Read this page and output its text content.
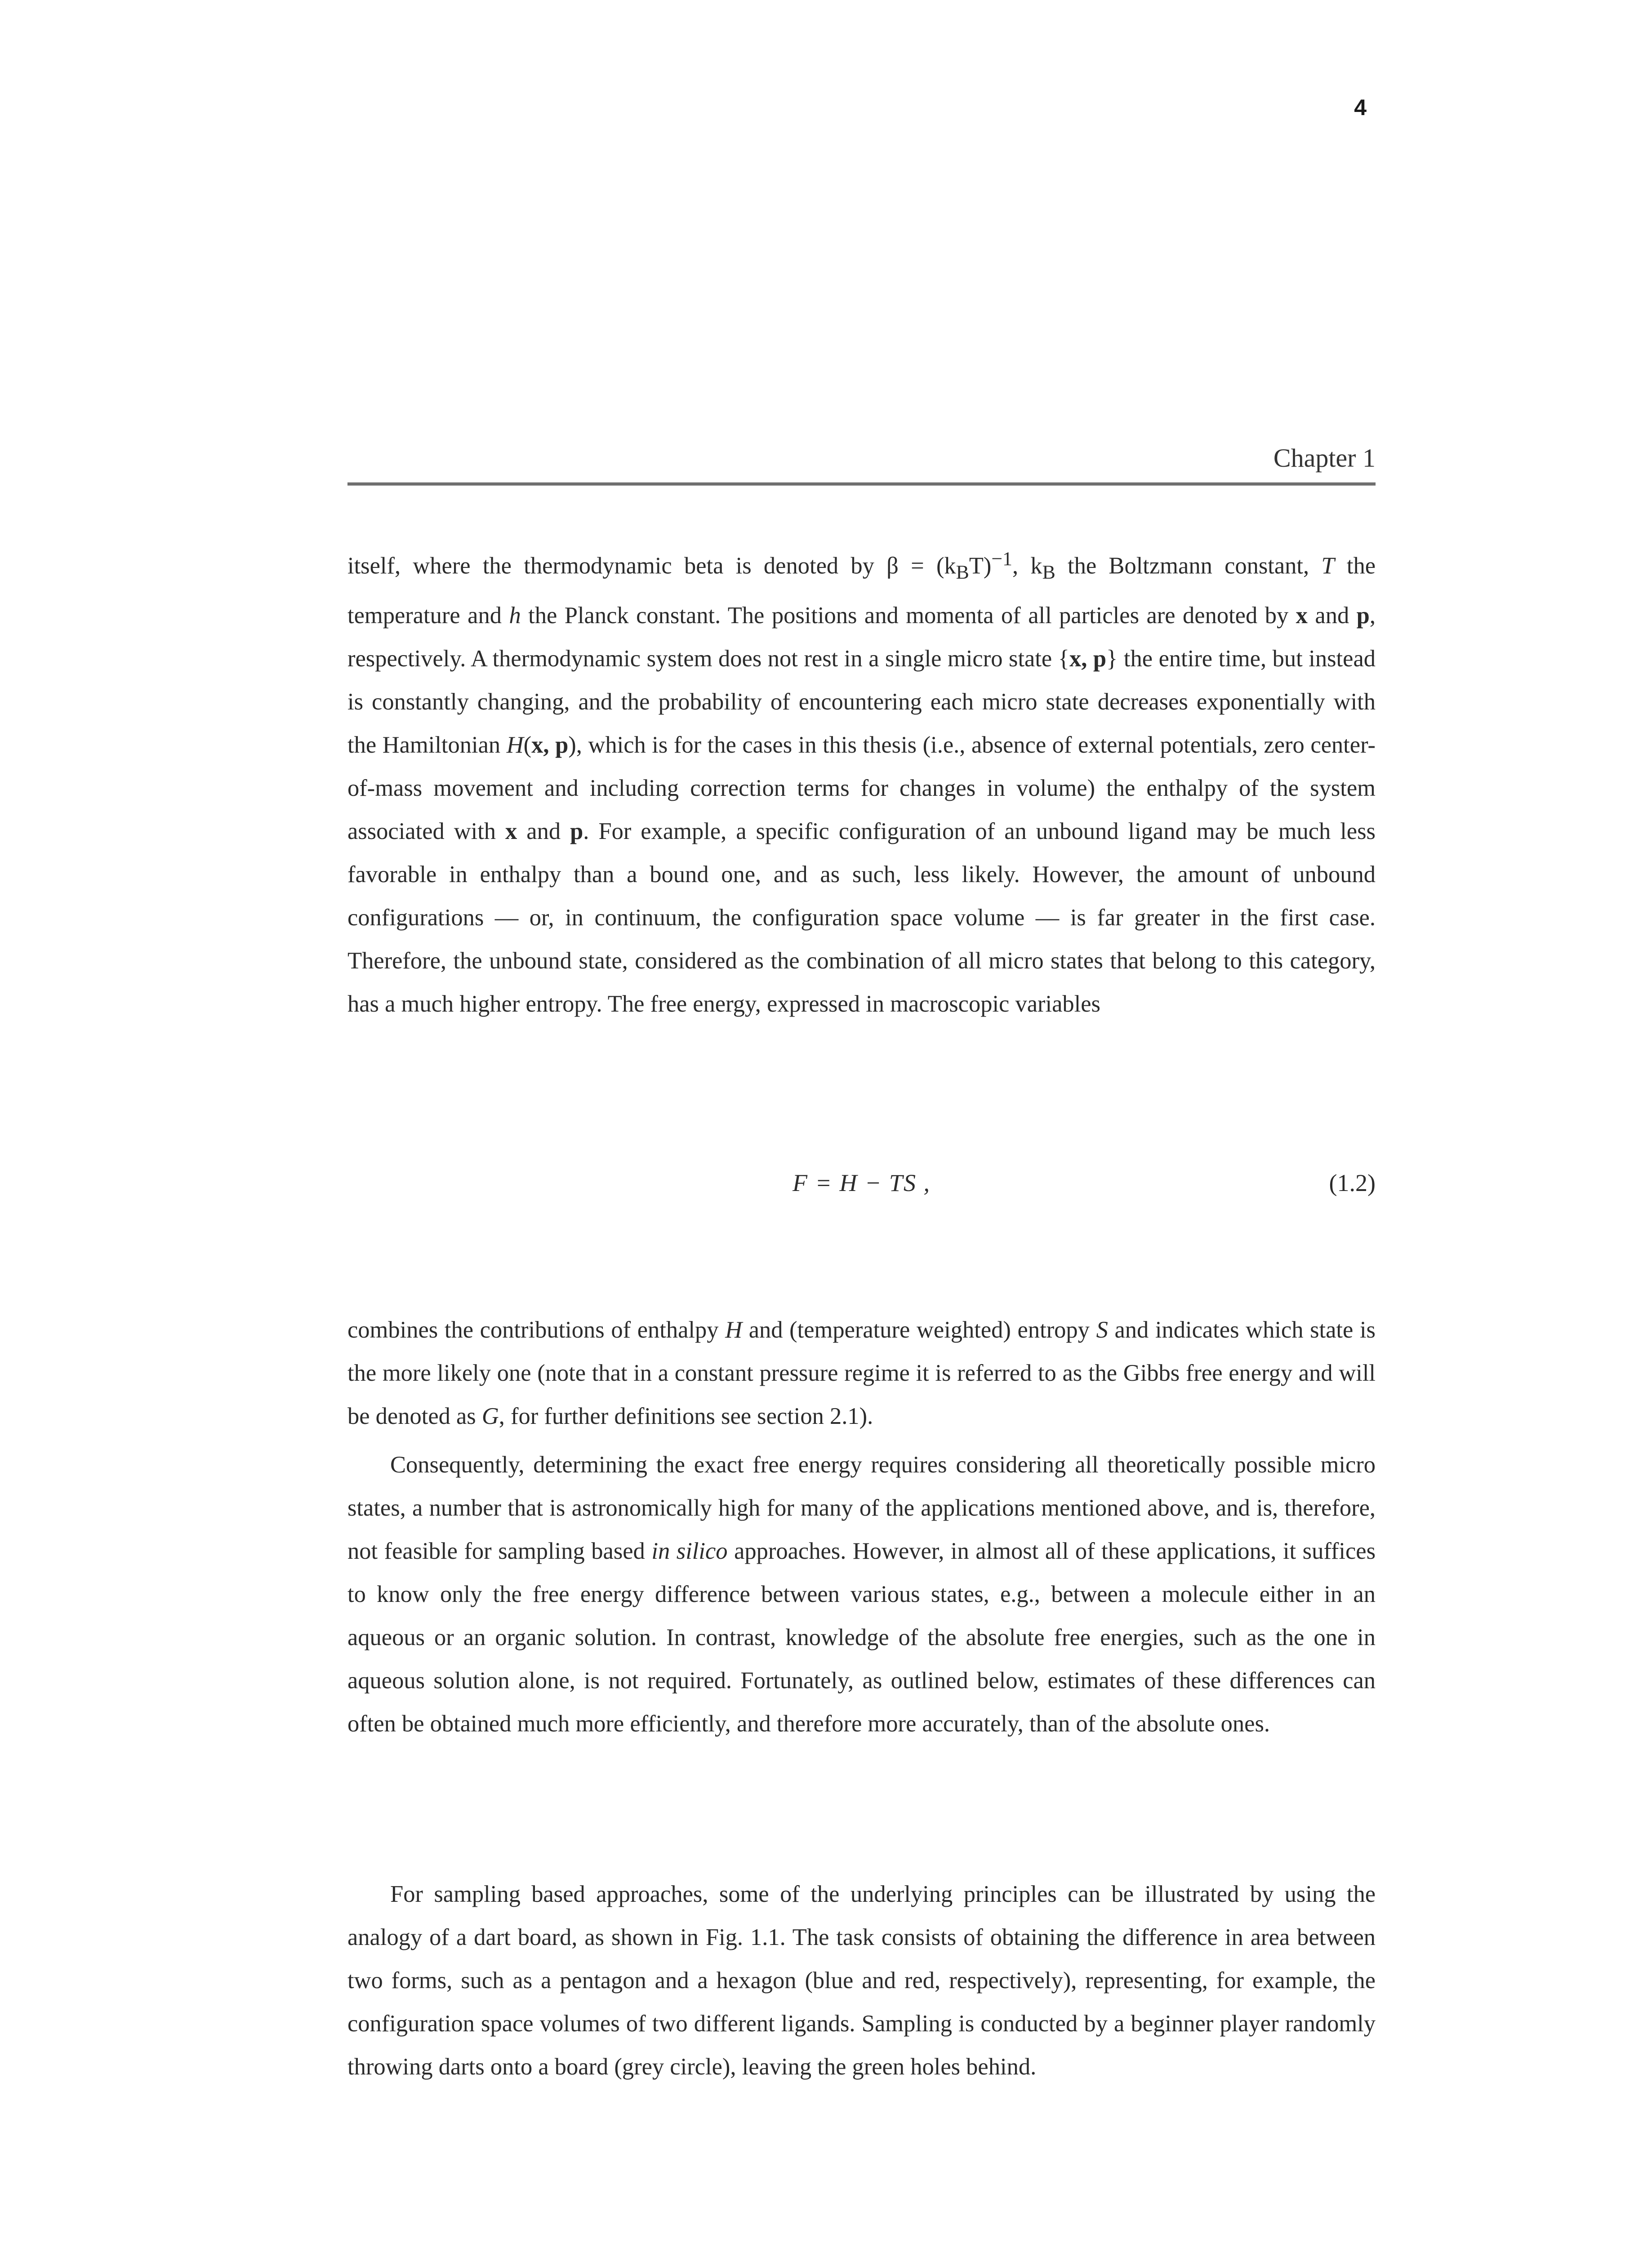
4
Chapter 1

itself, where the thermodynamic beta is denoted by $\beta = (k_BT)^{-1}$, $k_B$ the Boltzmann constant, T the temperature and h the Planck constant. The positions and momenta of all particles are denoted by x and p, respectively. A thermodynamic system does not rest in a single micro state {x, p} the entire time, but instead is constantly changing, and the probability of encountering each micro state decreases exponentially with the Hamiltonian H(x, p), which is for the cases in this thesis (i.e., absence of external potentials, zero center-of-mass movement and including correction terms for changes in volume) the enthalpy of the system associated with x and p. For example, a specific configuration of an unbound ligand may be much less favorable in enthalpy than a bound one, and as such, less likely. However, the amount of unbound configurations — or, in continuum, the configuration space volume — is far greater in the first case. Therefore, the unbound state, considered as the combination of all micro states that belong to this category, has a much higher entropy. The free energy, expressed in macroscopic variables

F = H − TS ,	(1.2)

combines the contributions of enthalpy H and (temperature weighted) entropy S and indicates which state is the more likely one (note that in a constant pressure regime it is referred to as the Gibbs free energy and will be denoted as G, for further definitions see section 2.1).

Consequently, determining the exact free energy requires considering all theoretically possible micro states, a number that is astronomically high for many of the applications mentioned above, and is, therefore, not feasible for sampling based in silico approaches. However, in almost all of these applications, it suffices to know only the free energy difference between various states, e.g., between a molecule either in an aqueous or an organic solution. In contrast, knowledge of the absolute free energies, such as the one in aqueous solution alone, is not required. Fortunately, as outlined below, estimates of these differences can often be obtained much more efficiently, and therefore more accurately, than of the absolute ones.

For sampling based approaches, some of the underlying principles can be illustrated by using the analogy of a dart board, as shown in Fig. 1.1. The task consists of obtaining the difference in area between two forms, such as a pentagon and a hexagon (blue and red, respectively), representing, for example, the configuration space volumes of two different ligands. Sampling is conducted by a beginner player randomly throwing darts onto a board (grey circle), leaving the green holes behind.
